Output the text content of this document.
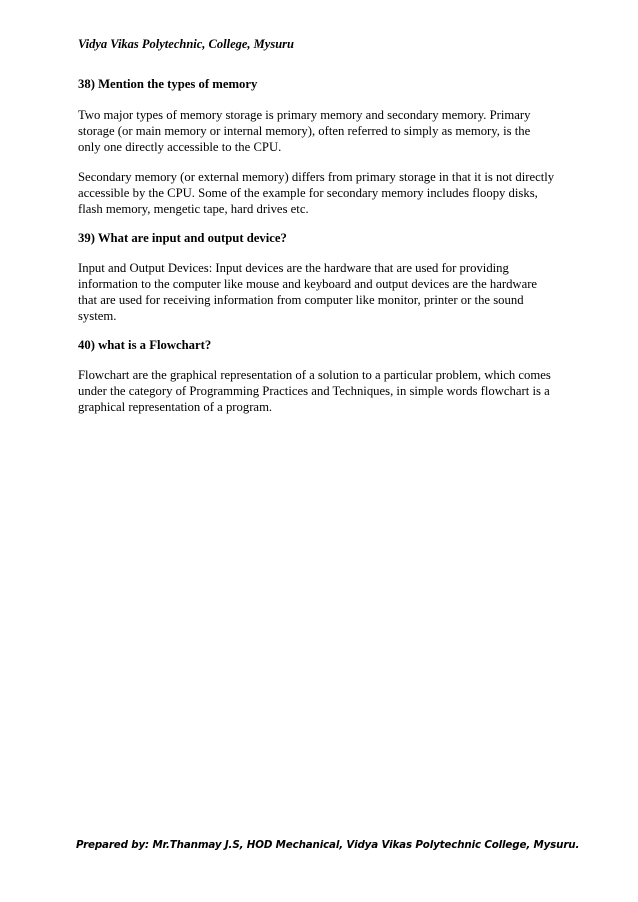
Vidya Vikas Polytechnic, College, Mysuru

38) Mention the types of memory

Two major types of memory storage is primary memory and secondary memory. Primary
storage (or main memory or internal memory), often referred to simply as memory, is the
only one directly accessible to the CPU.

Secondary memory (or external memory) differs from primary storage in that it is not directly
accessible by the CPU. Some of the example for secondary memory includes floopy disks,
flash memory, mengetic tape, hard drives etc.

39) What are input and output device?

Input and Output Devices: Input devices are the hardware that are used for providing
information to the computer like mouse and keyboard and output devices are the hardware
that are used for receiving information from computer like monitor, printer or the sound
system.

40) what is a Flowchart?

Flowchart are the graphical representation of a solution to a particular problem, which comes
under the category of Programming Practices and Techniques, in simple words flowchart is a
graphical representation of a program.

Prepared by: Mr.Thanmay J.S, HOD Mechanical, Vidya Vikas Polytechnic College, Mysuru.
